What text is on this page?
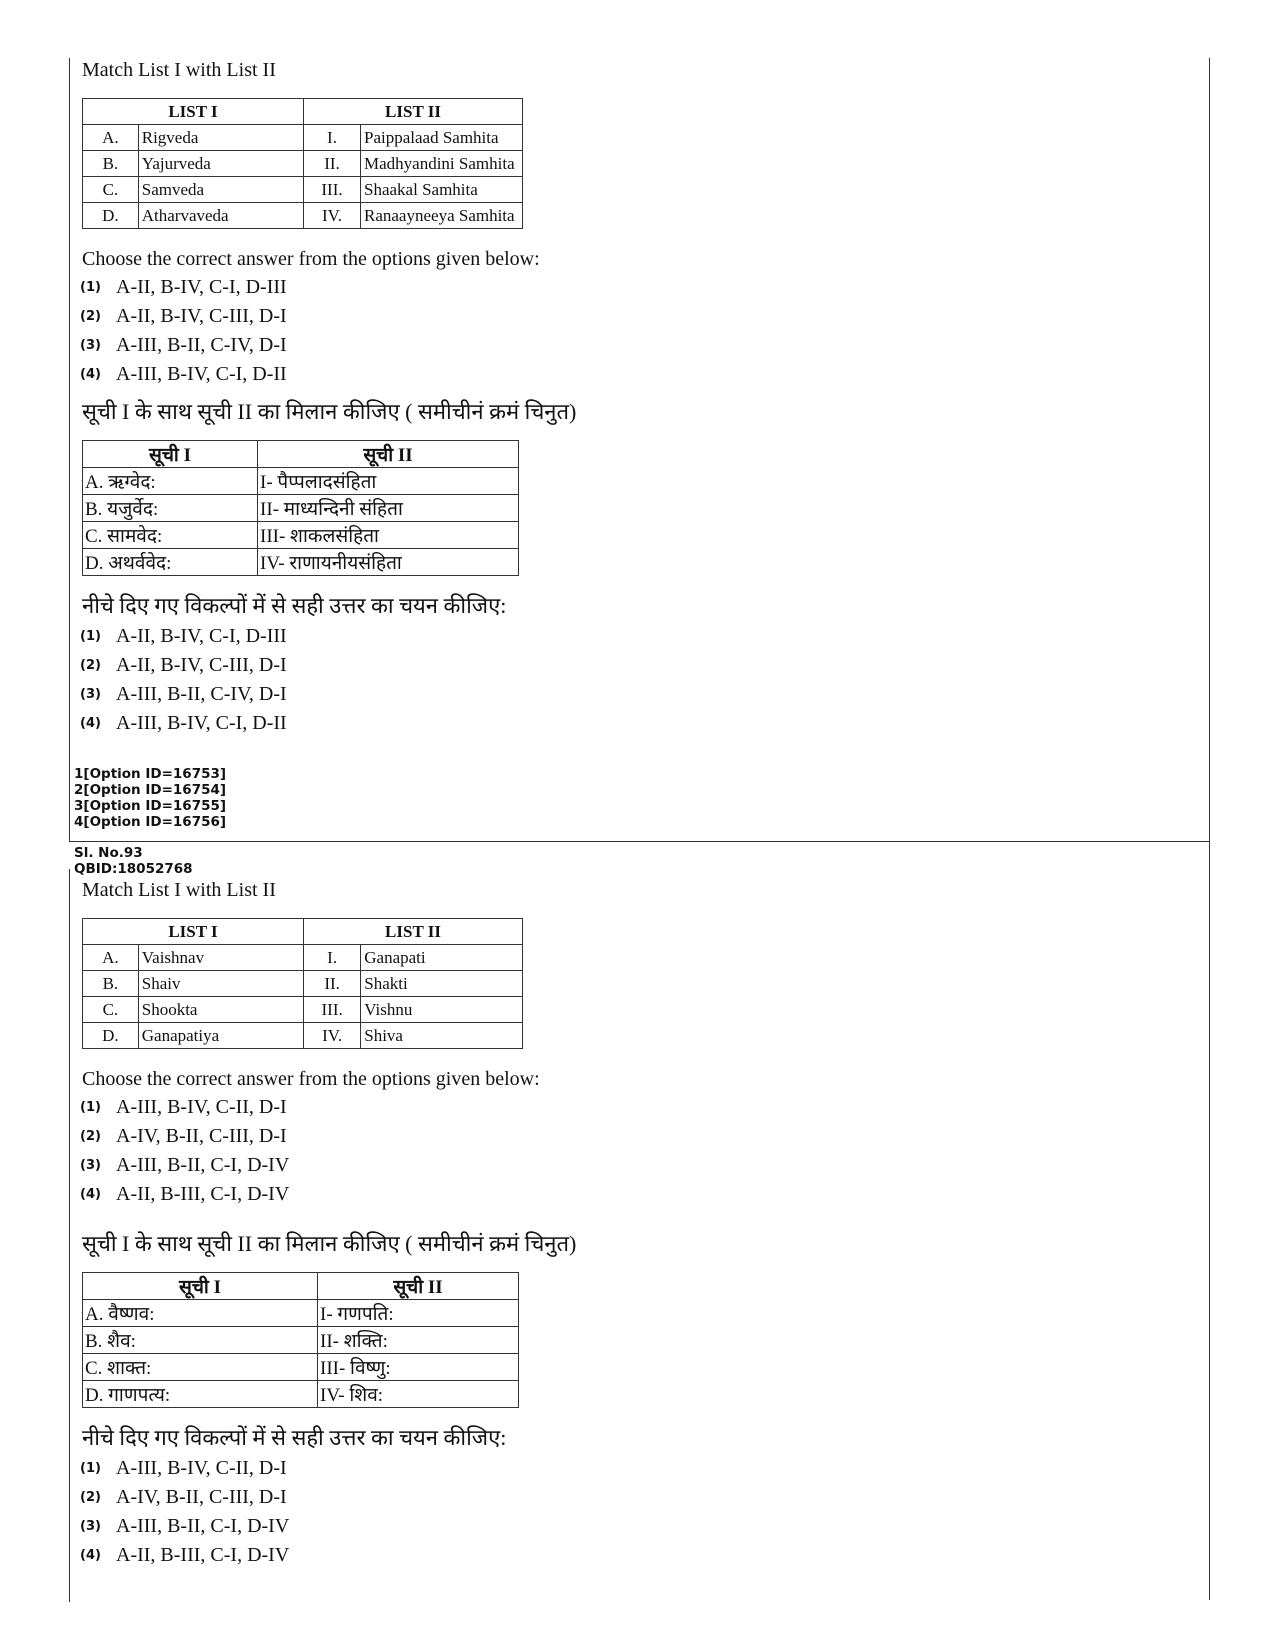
Match List I with List II
LIST I		LIST II	
A.	Rigveda	I.	Paippalaad Samhita
B.	Yajurveda	II.	Madhyandini Samhita
C.	Samveda	III.	Shaakal Samhita
D.	Atharvaveda	IV.	Ranaayneeya Samhita
Choose the correct answer from the options given below:
(1) A-II, B-IV, C-I, D-III
(2) A-II, B-IV, C-III, D-I
(3) A-III, B-II, C-IV, D-I
(4) A-III, B-IV, C-I, D-II
सूची I के साथ सूची II का मिलान कीजिए ( समीचीनं क्रमं चिनुत)
सूची I	सूची II
A. ऋग्वेद:	I- पैप्पलादसंहिता
B. यजुर्वेद:	II- माध्यन्दिनी संहिता
C. सामवेद:	III- शाकलसंहिता
D. अथर्ववेद:	IV- राणायनीयसंहिता
नीचे दिए गए विकल्पों में से सही उत्तर का चयन कीजिए:
(1) A-II, B-IV, C-I, D-III
(2) A-II, B-IV, C-III, D-I
(3) A-III, B-II, C-IV, D-I
(4) A-III, B-IV, C-I, D-II
1[Option ID=16753]
2[Option ID=16754]
3[Option ID=16755]
4[Option ID=16756]
Sl. No.93
QBID:18052768
Match List I with List II
LIST I		LIST II	
A.	Vaishnav	I.	Ganapati
B.	Shaiv	II.	Shakti
C.	Shookta	III.	Vishnu
D.	Ganapatiya	IV.	Shiva
Choose the correct answer from the options given below:
(1) A-III, B-IV, C-II, D-I
(2) A-IV, B-II, C-III, D-I
(3) A-III, B-II, C-I, D-IV
(4) A-II, B-III, C-I, D-IV
सूची I के साथ सूची II का मिलान कीजिए ( समीचीनं क्रमं चिनुत)
सूची I	सूची II
A. वैष्णव:	I- गणपति:
B. शैव:	II- शक्ति:
C. शाक्त:	III- विष्णु:
D. गाणपत्य:	IV- शिव:
नीचे दिए गए विकल्पों में से सही उत्तर का चयन कीजिए:
(1) A-III, B-IV, C-II, D-I
(2) A-IV, B-II, C-III, D-I
(3) A-III, B-II, C-I, D-IV
(4) A-II, B-III, C-I, D-IV
